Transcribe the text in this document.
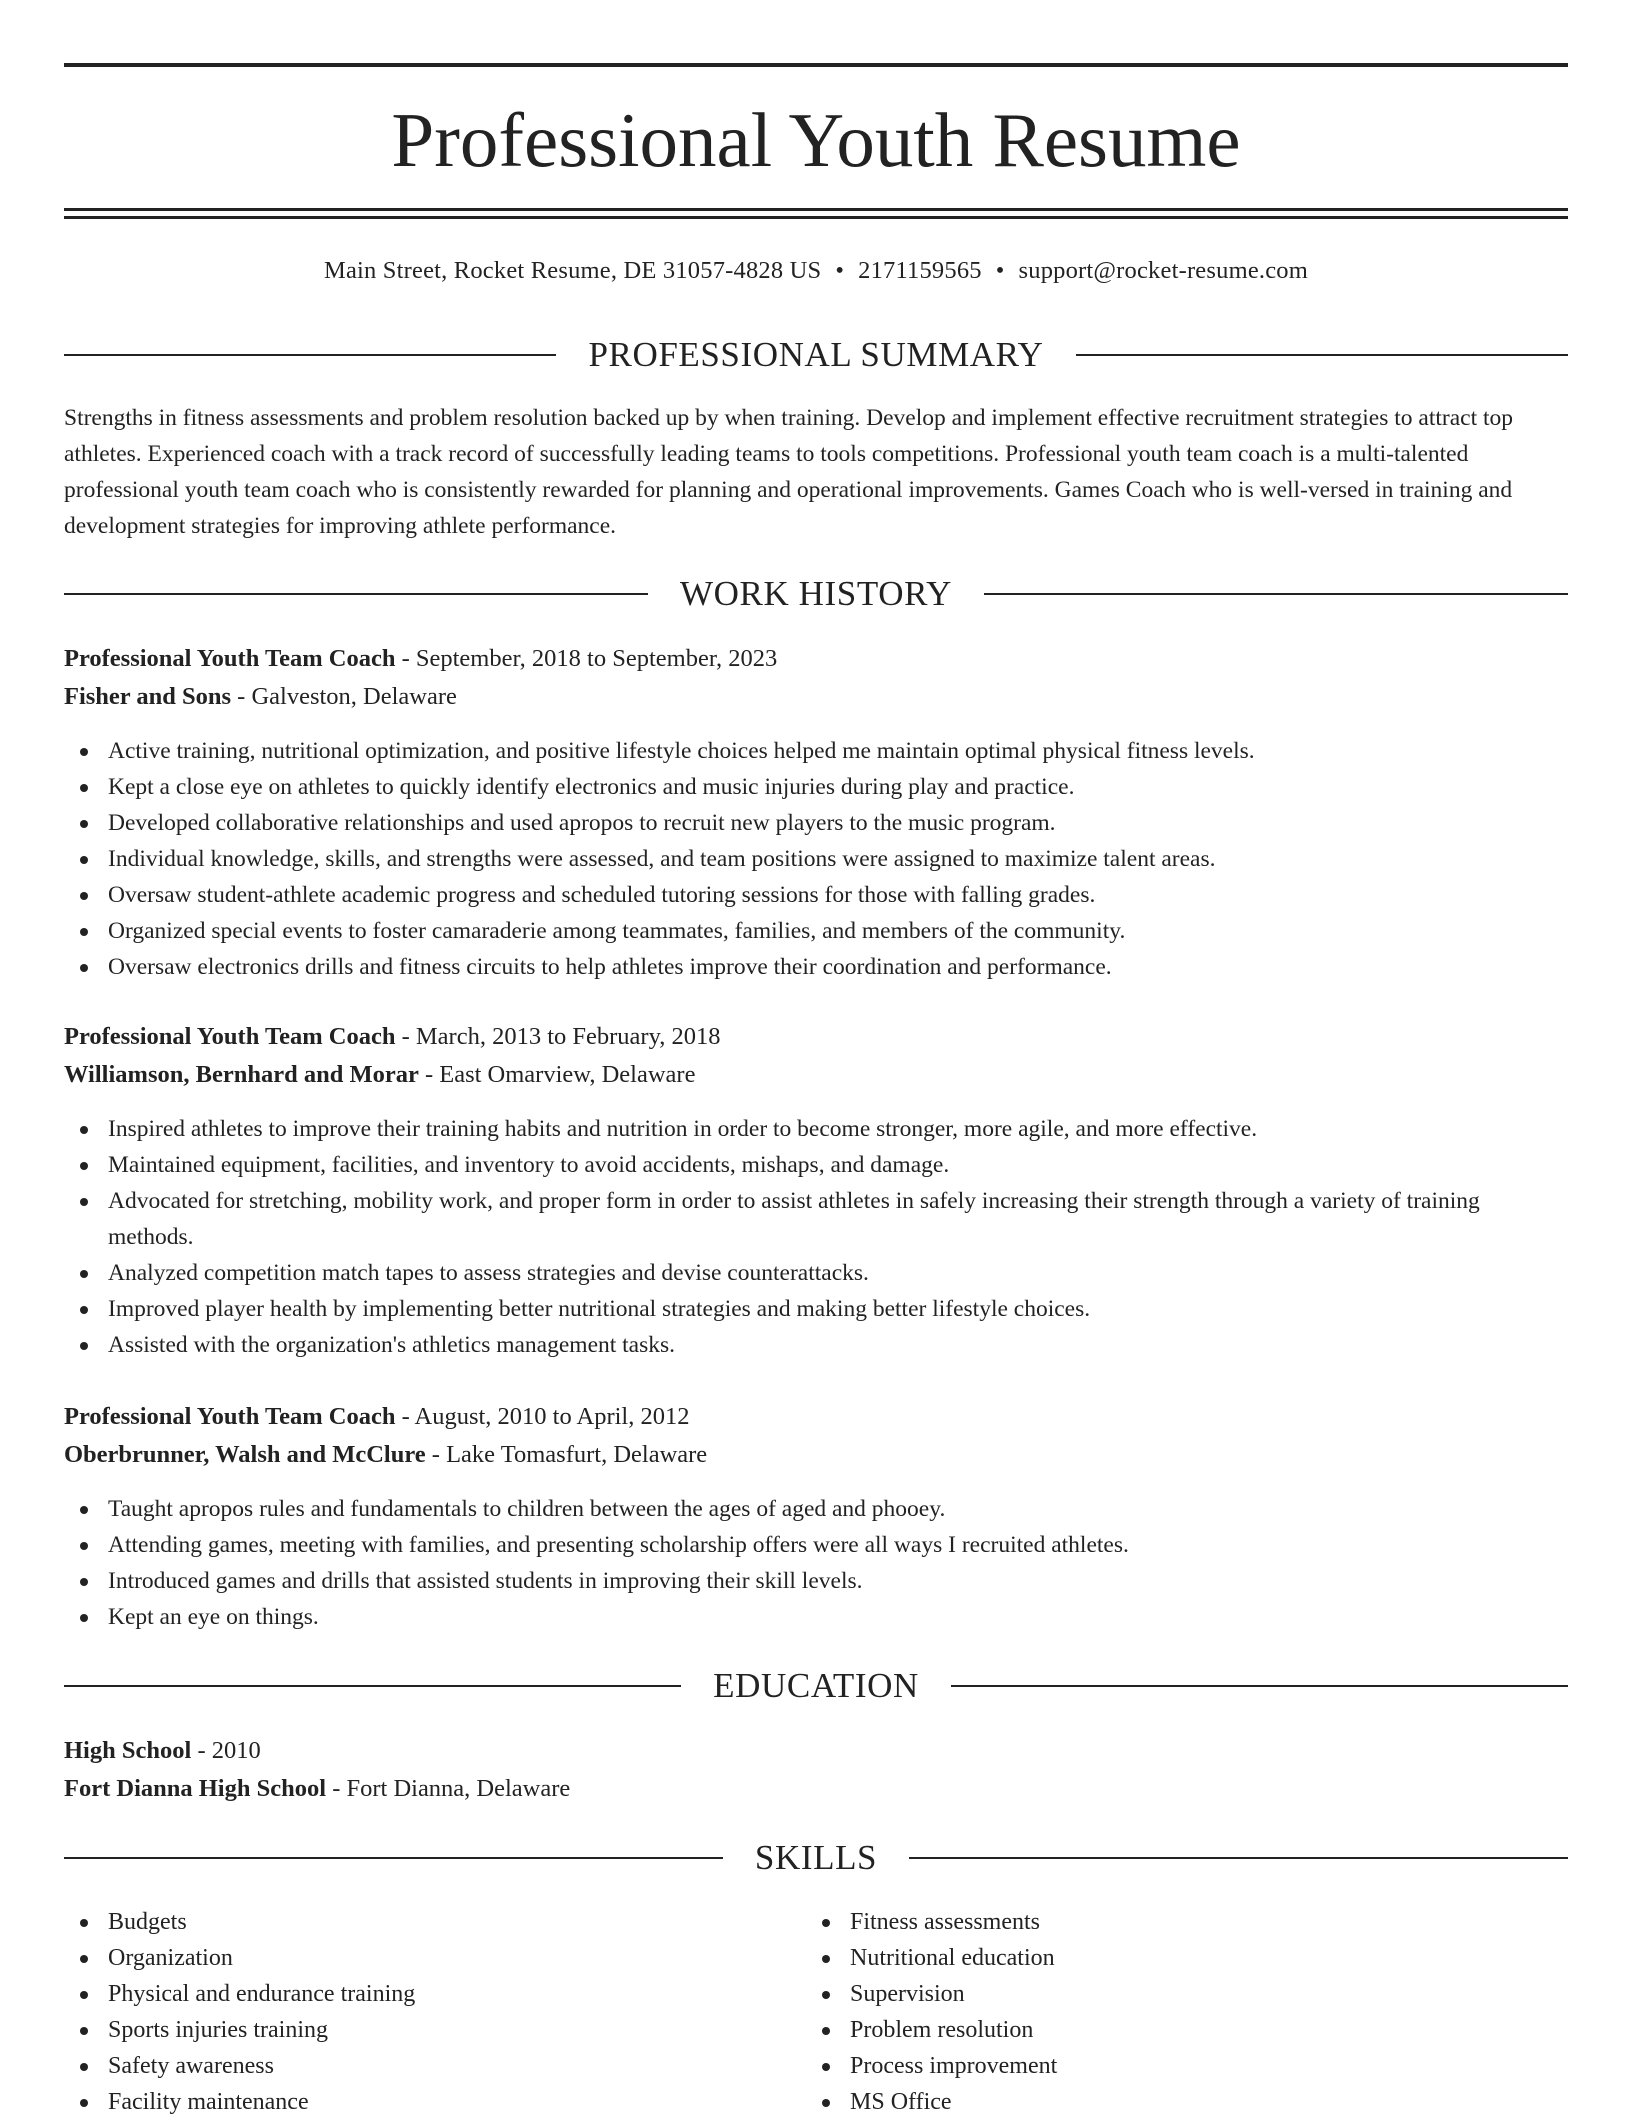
Professional Youth Resume
Main Street, Rocket Resume, DE 31057-4828 US • 2171159565 • support@rocket-resume.com
PROFESSIONAL SUMMARY

Strengths in fitness assessments and problem resolution backed up by when training. Develop and implement effective recruitment strategies to attract top athletes. Experienced coach with a track record of successfully leading teams to tools competitions. Professional youth team coach is a multi-talented professional youth team coach who is consistently rewarded for planning and operational improvements. Games Coach who is well-versed in training and development strategies for improving athlete performance.

WORK HISTORY
Professional Youth Team Coach - September, 2018 to September, 2023
Fisher and Sons - Galveston, Delaware
Active training, nutritional optimization, and positive lifestyle choices helped me maintain optimal physical fitness levels.
Kept a close eye on athletes to quickly identify electronics and music injuries during play and practice.
Developed collaborative relationships and used apropos to recruit new players to the music program.
Individual knowledge, skills, and strengths were assessed, and team positions were assigned to maximize talent areas.
Oversaw student-athlete academic progress and scheduled tutoring sessions for those with falling grades.
Organized special events to foster camaraderie among teammates, families, and members of the community.
Oversaw electronics drills and fitness circuits to help athletes improve their coordination and performance.
Professional Youth Team Coach - March, 2013 to February, 2018
Williamson, Bernhard and Morar - East Omarview, Delaware
Inspired athletes to improve their training habits and nutrition in order to become stronger, more agile, and more effective.
Maintained equipment, facilities, and inventory to avoid accidents, mishaps, and damage.
Advocated for stretching, mobility work, and proper form in order to assist athletes in safely increasing their strength through a variety of training methods.
Analyzed competition match tapes to assess strategies and devise counterattacks.
Improved player health by implementing better nutritional strategies and making better lifestyle choices.
Assisted with the organization's athletics management tasks.
Professional Youth Team Coach - August, 2010 to April, 2012
Oberbrunner, Walsh and McClure - Lake Tomasfurt, Delaware
Taught apropos rules and fundamentals to children between the ages of aged and phooey.
Attending games, meeting with families, and presenting scholarship offers were all ways I recruited athletes.
Introduced games and drills that assisted students in improving their skill levels.
Kept an eye on things.
EDUCATION
High School - 2010
Fort Dianna High School - Fort Dianna, Delaware
SKILLS
Budgets
Organization
Physical and endurance training
Sports injuries training
Safety awareness
Facility maintenance
Fitness assessments
Nutritional education
Supervision
Problem resolution
Process improvement
MS Office
